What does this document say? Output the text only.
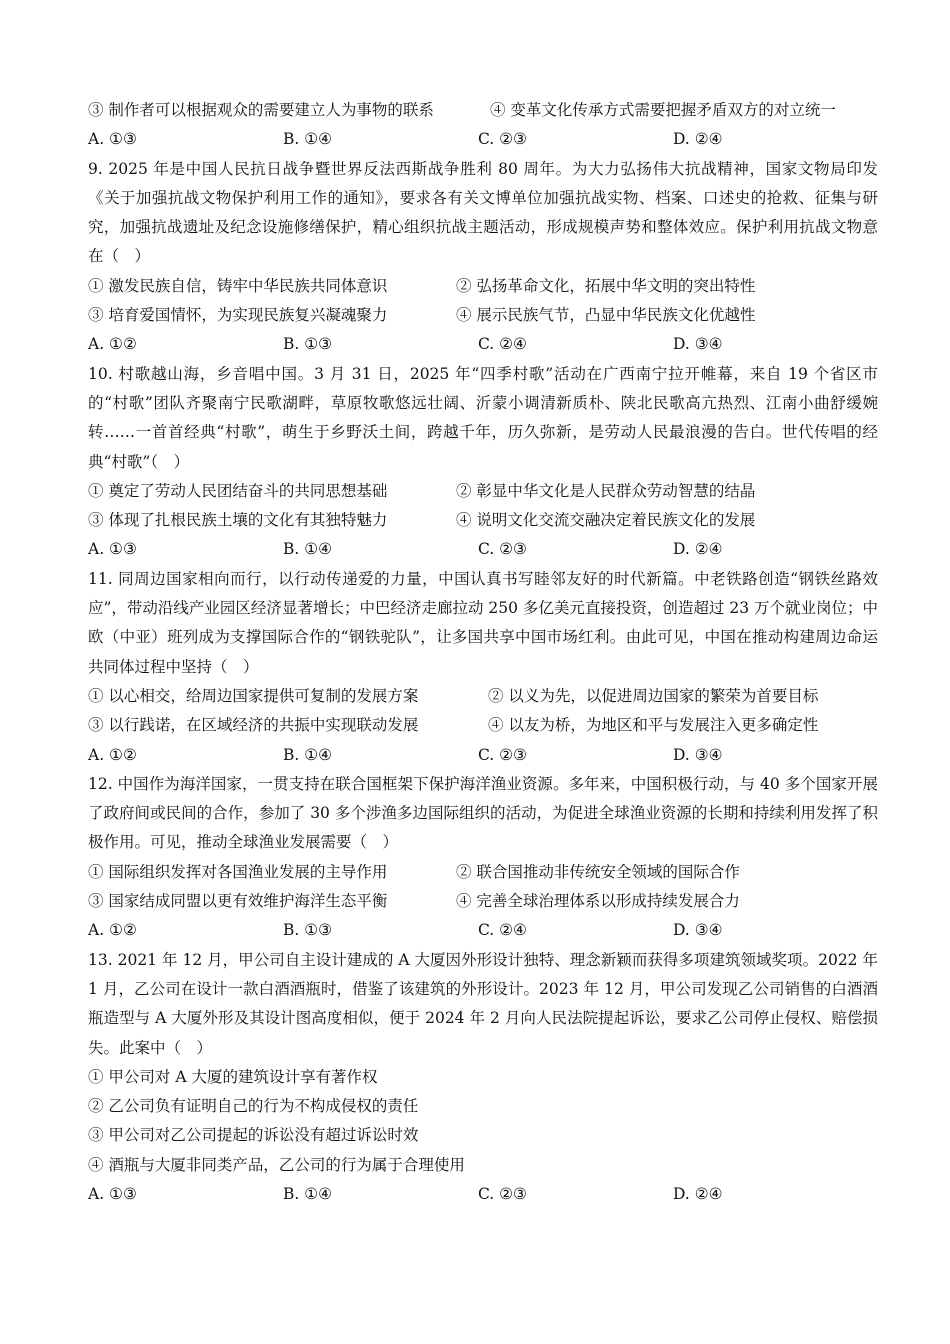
③ 制作者可以根据观众的需要建立人为事物的联系	④ 变革文化传承方式需要把握矛盾双方的对立统一
A. ①③	B. ①④	C. ②③	D. ②④
9. 2025 年是中国人民抗日战争暨世界反法西斯战争胜利 80 周年。为大力弘扬伟大抗战精神，国家文物局印发《关于加强抗战文物保护利用工作的通知》，要求各有关文博单位加强抗战实物、档案、口述史的抢救、征集与研究，加强抗战遗址及纪念设施修缮保护，精心组织抗战主题活动，形成规模声势和整体效应。保护利用抗战文物意在（　）
① 激发民族自信，铸牢中华民族共同体意识	② 弘扬革命文化，拓展中华文明的突出特性
③ 培育爱国情怀，为实现民族复兴凝魂聚力	④ 展示民族气节，凸显中华民族文化优越性
A. ①②	B. ①③	C. ②④	D. ③④
10. 村歌越山海，乡音唱中国。3 月 31 日，2025 年“四季村歌”活动在广西南宁拉开帷幕，来自 19 个省区市的“村歌”团队齐聚南宁民歌湖畔，草原牧歌悠远壮阔、沂蒙小调清新质朴、陕北民歌高亢热烈、江南小曲舒缓婉转……一首首经典“村歌”，萌生于乡野沃土间，跨越千年，历久弥新，是劳动人民最浪漫的告白。世代传唱的经典“村歌”（　）
① 奠定了劳动人民团结奋斗的共同思想基础	② 彰显中华文化是人民群众劳动智慧的结晶
③ 体现了扎根民族土壤的文化有其独特魅力	④ 说明文化交流交融决定着民族文化的发展
A. ①③	B. ①④	C. ②③	D. ②④
11. 同周边国家相向而行，以行动传递爱的力量，中国认真书写睦邻友好的时代新篇。中老铁路创造“钢铁丝路效应”，带动沿线产业园区经济显著增长；中巴经济走廊拉动 250 多亿美元直接投资，创造超过 23 万个就业岗位；中欧（中亚）班列成为支撑国际合作的“钢铁驼队”，让多国共享中国市场红利。由此可见，中国在推动构建周边命运共同体过程中坚持（　）
① 以心相交，给周边国家提供可复制的发展方案	② 以义为先，以促进周边国家的繁荣为首要目标
③ 以行践诺，在区域经济的共振中实现联动发展	④ 以友为桥，为地区和平与发展注入更多确定性
A. ①②	B. ①④	C. ②③	D. ③④
12. 中国作为海洋国家，一贯支持在联合国框架下保护海洋渔业资源。多年来，中国积极行动，与 40 多个国家开展了政府间或民间的合作，参加了 30 多个涉渔多边国际组织的活动，为促进全球渔业资源的长期和持续利用发挥了积极作用。可见，推动全球渔业发展需要（　）
① 国际组织发挥对各国渔业发展的主导作用	② 联合国推动非传统安全领域的国际合作
③ 国家结成同盟以更有效维护海洋生态平衡	④ 完善全球治理体系以形成持续发展合力
A. ①②	B. ①③	C. ②④	D. ③④
13. 2021 年 12 月，甲公司自主设计建成的 A 大厦因外形设计独特、理念新颖而获得多项建筑领域奖项。2022 年 1 月，乙公司在设计一款白酒酒瓶时，借鉴了该建筑的外形设计。2023 年 12 月，甲公司发现乙公司销售的白酒酒瓶造型与 A 大厦外形及其设计图高度相似，便于 2024 年 2 月向人民法院提起诉讼，要求乙公司停止侵权、赔偿损失。此案中（　）
① 甲公司对 A 大厦的建筑设计享有著作权
② 乙公司负有证明自己的行为不构成侵权的责任
③ 甲公司对乙公司提起的诉讼没有超过诉讼时效
④ 酒瓶与大厦非同类产品，乙公司的行为属于合理使用
A. ①③	B. ①④	C. ②③	D. ②④
